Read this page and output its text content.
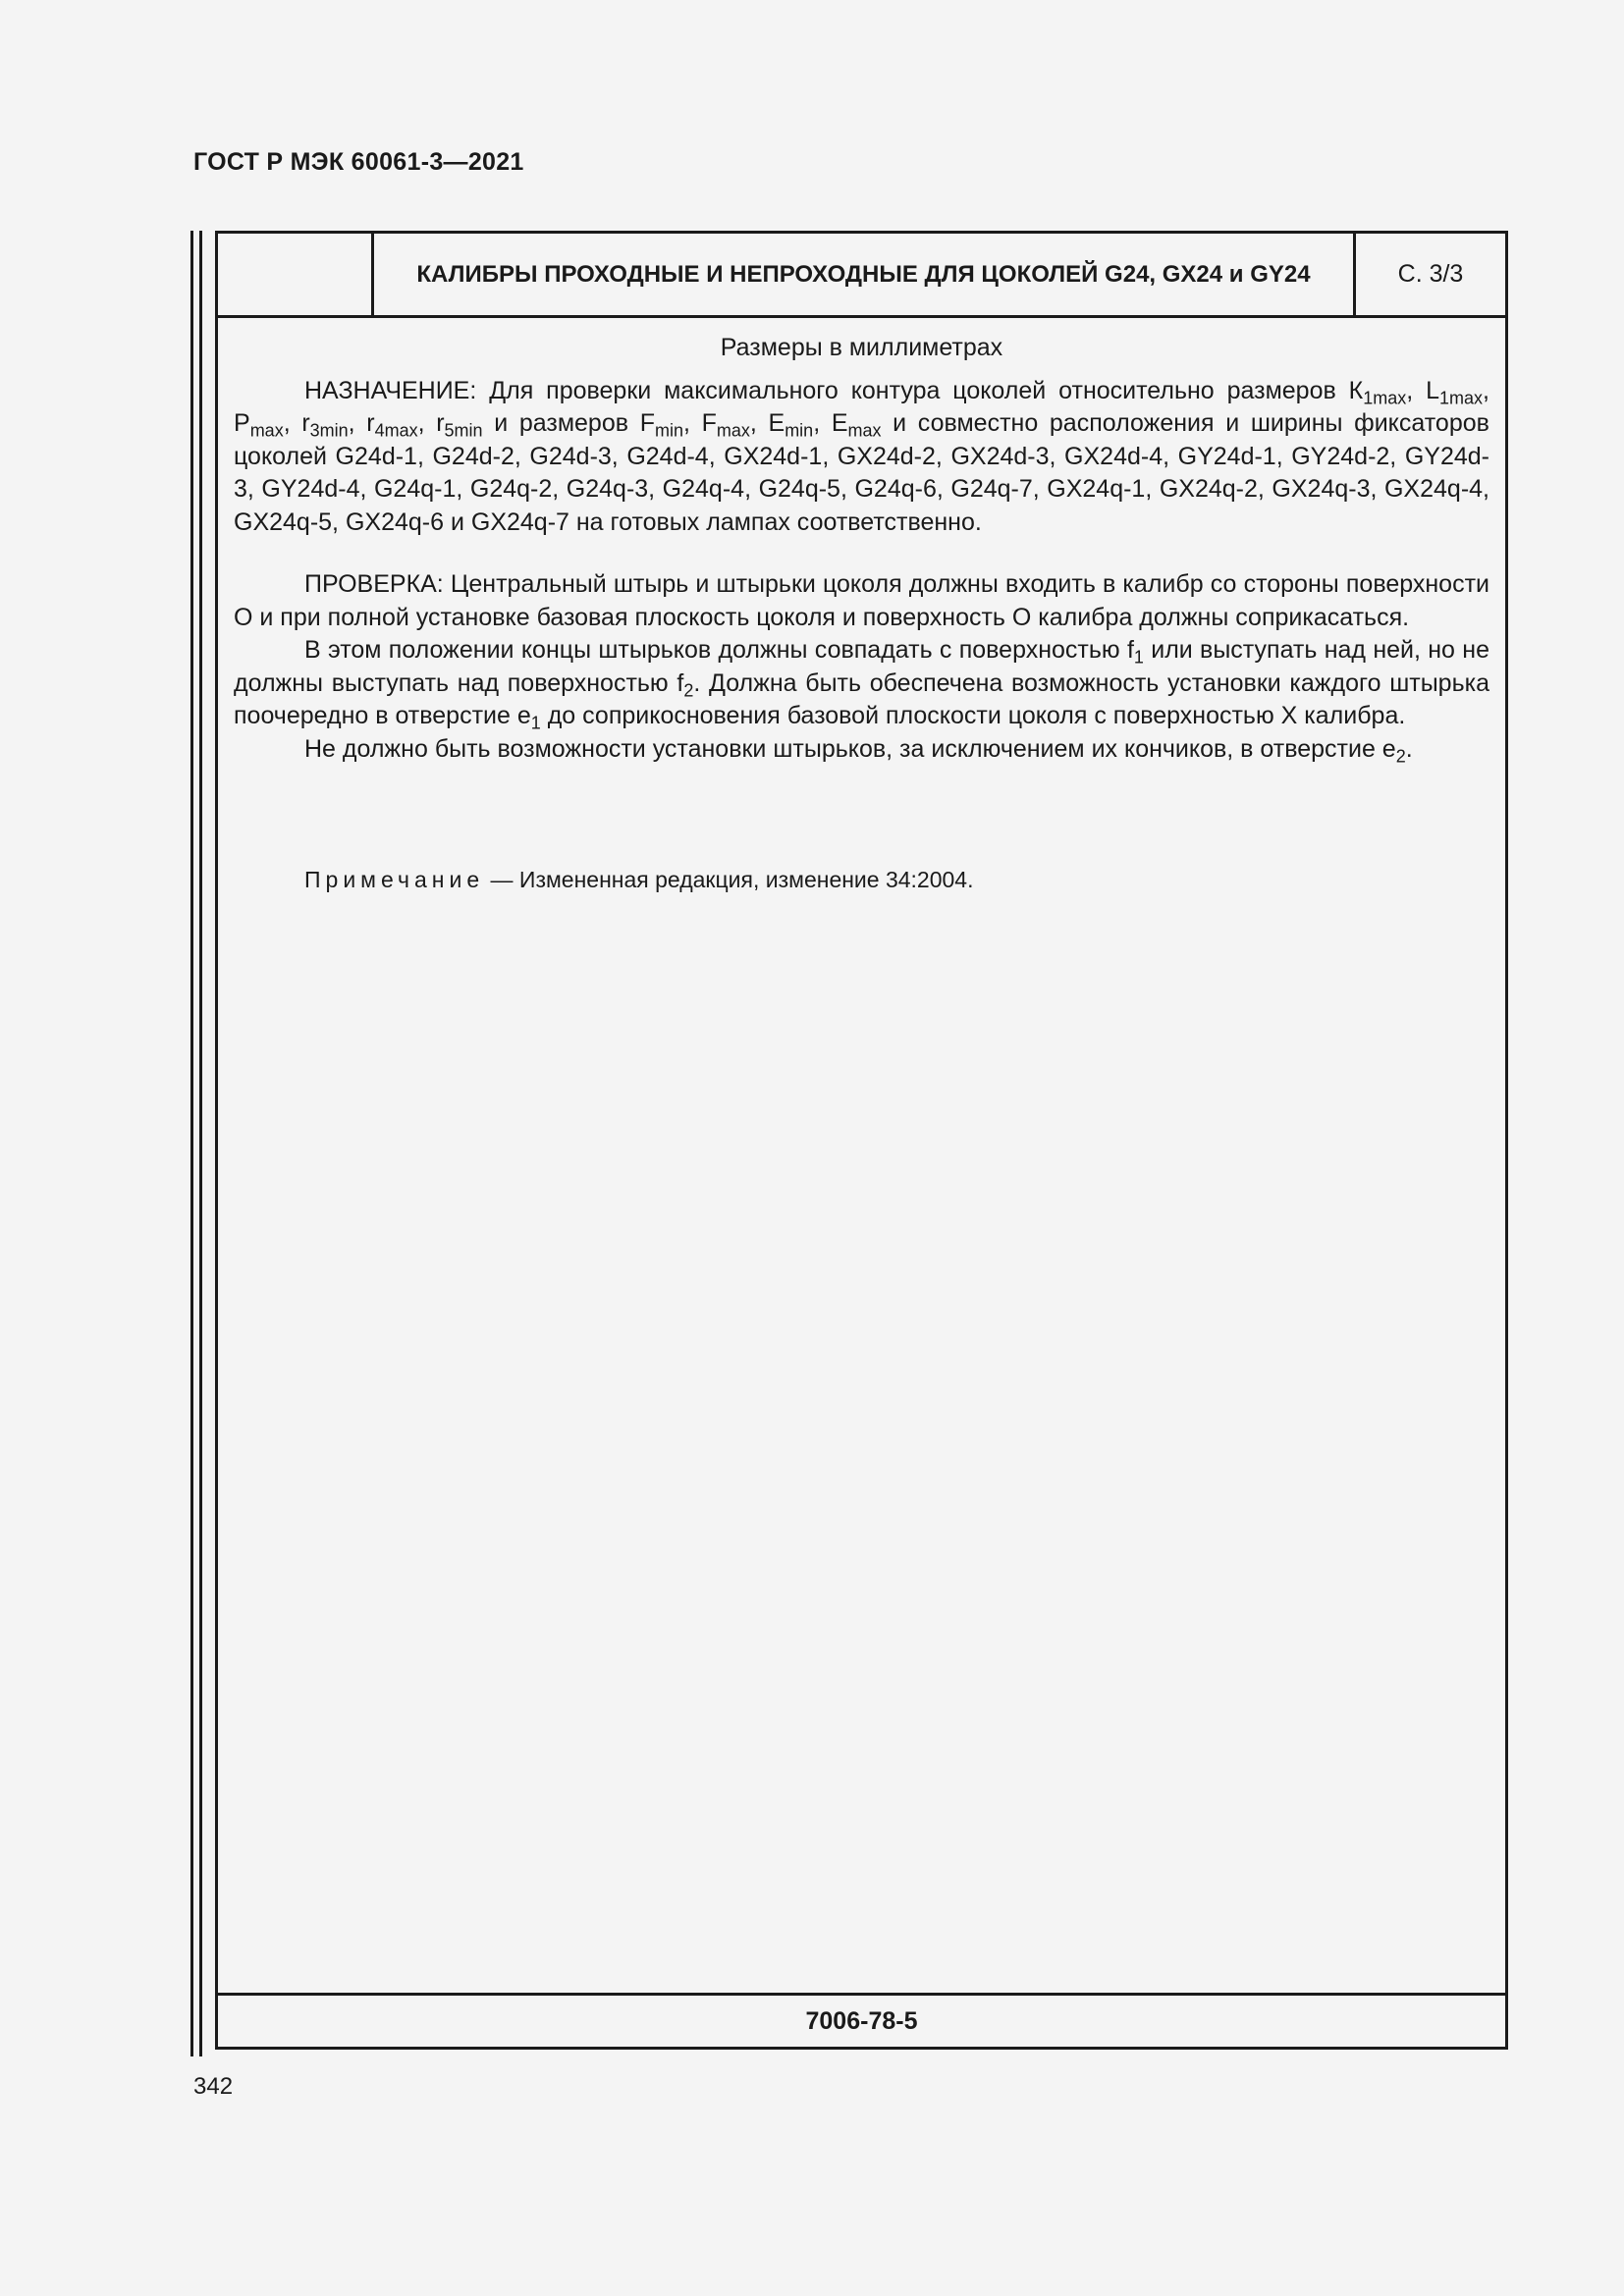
ГОСТ Р МЭК 60061-3—2021
КАЛИБРЫ ПРОХОДНЫЕ И НЕПРОХОДНЫЕ ДЛЯ ЦОКОЛЕЙ G24, GX24 и GY24	С. 3/3
Размеры в миллиметрах

НАЗНАЧЕНИЕ: Для проверки максимального контура цоколей относительно размеров $К_{1max}$, $L_{1max}$, $P_{max}$, $r_{3min}$, $r_{4max}$, $r_{5min}$ и размеров $F_{min}$, $F_{max}$, $E_{min}$, $E_{max}$ и совместно расположения и ширины фиксаторов цоколей G24d-1, G24d-2, G24d-3, G24d-4, GX24d-1, GX24d-2, GX24d-3, GX24d-4, GY24d-1, GY24d-2, GY24d-3, GY24d-4, G24q-1, G24q-2, G24q-3, G24q-4, G24q-5, G24q-6, G24q-7, GX24q-1, GX24q-2, GX24q-3, GX24q-4, GX24q-5, GX24q-6 и GX24q-7 на готовых лампах соответственно.

ПРОВЕРКА: Центральный штырь и штырьки цоколя должны входить в калибр со стороны поверхности О и при полной установке базовая плоскость цоколя и поверхность О калибра должны соприкасаться.

В этом положении концы штырьков должны совпадать с поверхностью $f_1$ или выступать над ней, но не должны выступать над поверхностью $f_2$. Должна быть обеспечена возможность установки каждого штырька поочередно в отверстие $e_1$ до соприкосновения базовой плоскости цоколя с поверхностью X калибра.

Не должно быть возможности установки штырьков, за исключением их кончиков, в отверстие $e_2$.

Примечание — Измененная редакция, изменение 34:2004.
7006-78-5
342
